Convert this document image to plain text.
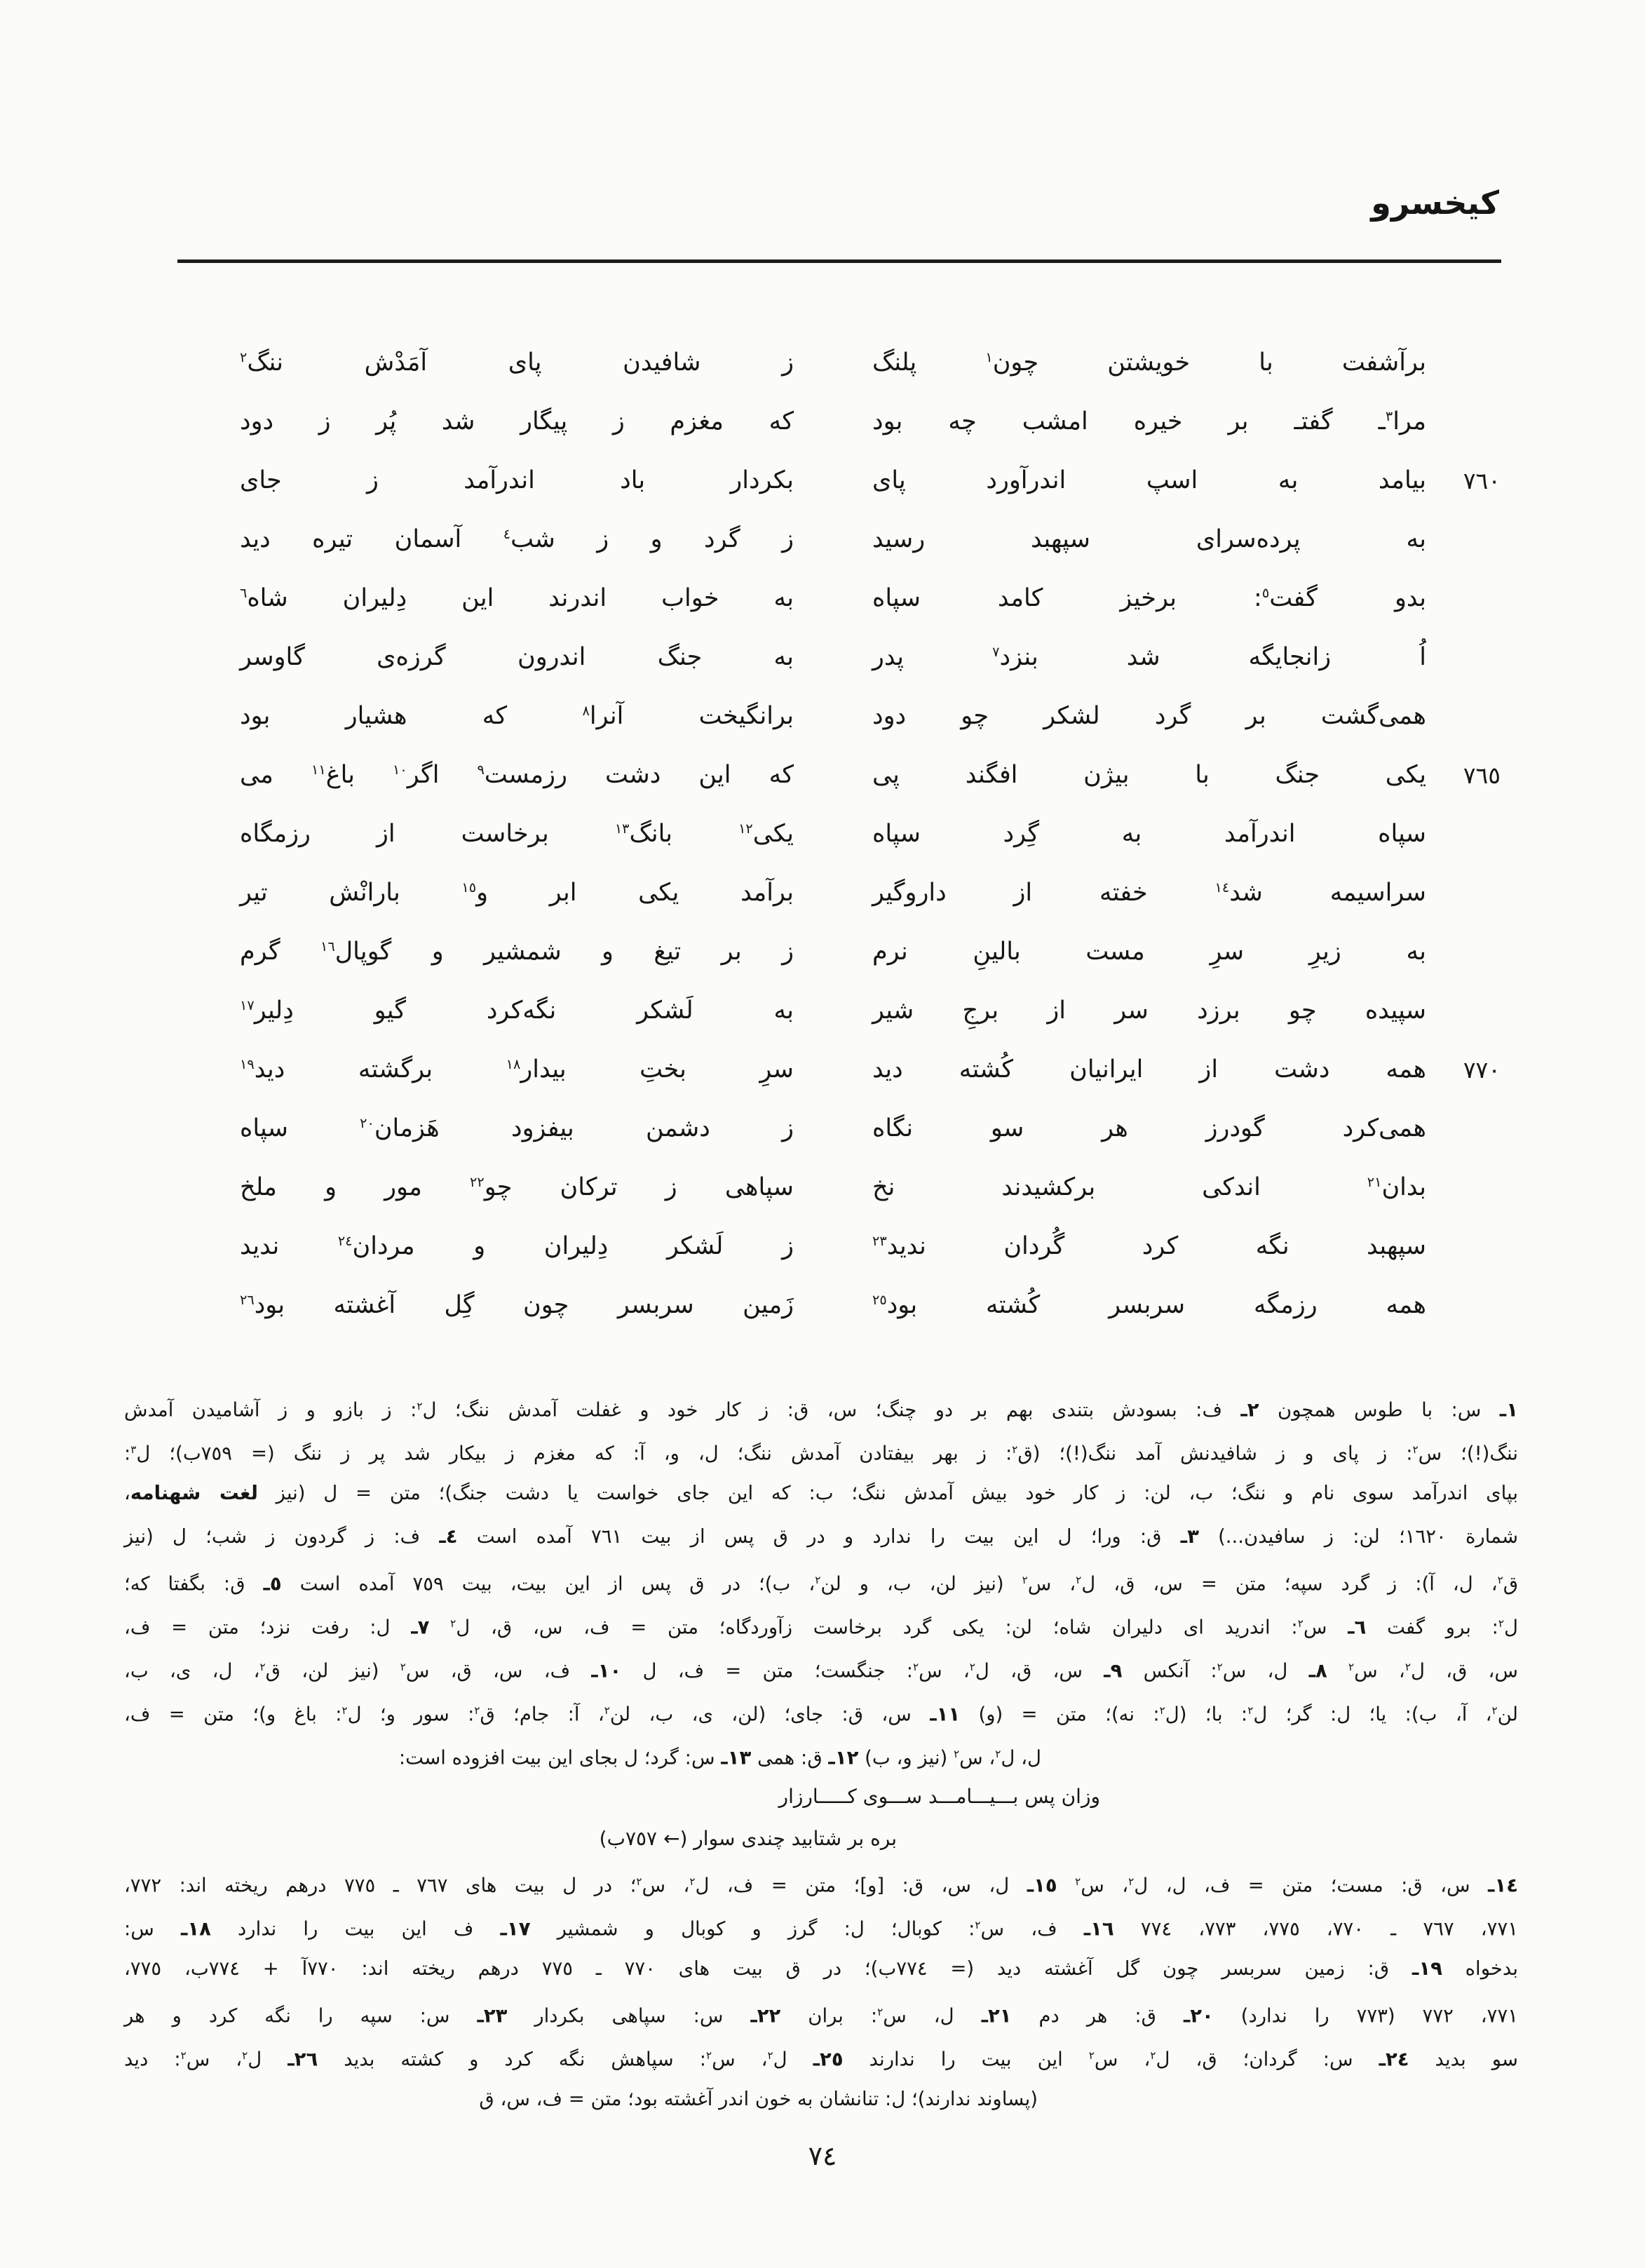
کیخسرو
برآشفت با خویشتن چون$^١$ پلنگ
ز شافیدن پای آمَدْش ننگ$^٢$
مرا$^٣$ـ گفتـ بر خیره امشب چه بود
که مغزم ز پیگار شد پُر ز دود
٧٦٠
بیامد به اسپ اندرآورد پای
بکردار باد اندرآمد ز جای
به پرده‌سرای سپهبد رسید
ز گرد و ز شب$^٤$ آسمان تیره دید
بدو گفت$^٥$: برخیز کامد سپاه
به خواب اندرند این دِلیران شاه$^٦$
اُ زانجایگه شد بنزد$^٧$ پدر
به جنگ اندرون گرزه‌ی گاوسر
همی‌گشت بر گرد لشکر چو دود
برانگیخت آنرا$^٨$ که هشیار بود
٧٦٥
یکی جنگ با بیژن افگند پی
که این دشت رزمست$^٩$ اگر$^{١٠}$ باغ$^{١١}$ می
سپاه اندرآمد به گِرد سپاه
یکی$^{١٢}$ بانگ$^{١٣}$ برخاست از رزمگاه
سراسیمه شد$^{١٤}$ خفته از داروگیر
برآمد یکی ابر و$^{١٥}$ بارانْش تیر
به زیرِ سرِ مست بالینِ نرم
ز بر تیغ و شمشیر و گوپال$^{١٦}$ گرم
سپیده چو برزد سر از برجِ شیر
به لَشکر نگه‌کرد گیو دِلیر$^{١٧}$
٧٧٠
همه دشت از ایرانیان کُشته دید
سرِ بختِ بیدار$^{١٨}$ برگشته دید$^{١٩}$
همی‌کرد گودرز هر سو نگاه
ز دشمن بیفزود هَزمان$^{٢٠}$ سپاه
بدان$^{٢١}$ اندکی برکشیدند نخ
سپاهی ز ترکان چو$^{٢٢}$ مور و ملخ
سپهبد نگه کرد گُردان ندید$^{٢٣}$
ز لَشکر دِلیران و مردان$^{٢٤}$ ندید
همه رزمگه سربسر کُشته بود$^{٢٥}$
زَمین سربسر چون گِل آغشته بود$^{٢٦}$
١ـ س: با طوس همچون ٢ـ ف: بسودش بتندی بهم بر دو چنگ؛ س، ق: ز کار خود و غفلت آمدش ننگ؛ ل$^٢$: ز بازو و ز آشامیدن آمدش
ننگ(!)؛ س$^٢$: ز پای و ز شافیدنش آمد ننگ(!)؛ (ق$^٢$: ز بهر بیفتادن آمدش ننگ؛ ل، و، آ: که مغزم ز بیکار شد پر ز ننگ (= ٧٥٩ب)؛ ل$^٣$:
بپای اندرآمد سوی نام و ننگ؛ ب، لن: ز کار خود بیش آمدش ننگ؛ ب: که این جای خواست یا دشت جنگ)؛ متن = ل (نیز لغت شهنامه،
شمارة ١٦٢٠؛ لن: ز سافیدن...) ٣ـ ق: ورا؛ ل این بیت را ندارد و در ق پس از بیت ٧٦١ آمده است ٤ـ ف: ز گردون ز شب؛ ل (نیز
ق$^٢$، ل، آ): ز گرد سپه؛ متن = س، ق، ل$^٢$، س$^٢$ (نیز لن، ب، و لن$^٢$، ب)؛ در ق پس از این بیت، بیت ٧٥٩ آمده است ٥ـ ق: بگفتا که؛
ل$^٢$: برو گفت ٦ـ س$^٢$: اندرید ای دلیران شاه؛ لن: یکی گرد برخاست زآوردگاه؛ متن = ف، س، ق، ل$^٢$ ٧ـ ل: رفت نزد؛ متن = ف،
س، ق، ل$^٢$، س$^٢$ ٨ـ ل، س$^٢$: آنکس ٩ـ س، ق، ل$^٢$، س$^٢$: جنگست؛ متن = ف، ل ١٠ـ ف، س، ق، س$^٢$ (نیز لن، ق$^٢$، ل، ی، ب،
لن$^٢$، آ، ب): یا؛ ل: گر؛ ل$^٢$: با؛ (ل$^٢$: نه)؛ متن = (و) ١١ـ س، ق: جای؛ (لن، ی، ب، لن$^٢$، آ: جام؛ ق$^٢$: سور و؛ ل$^٢$: باغ و)؛ متن = ف،
ل، ل$^٢$، س$^٢$ (نیز و، ب) ١٢ـ ق: همی ١٣ـ س: گرد؛ ل بجای این بیت افزوده است:
وزان پس بـــیـــامـــد ســـوی کـــــارزار
بره بر شتابید چندی سوار (← ٧٥٧ب)
١٤ـ س، ق: مست؛ متن = ف، ل، ل$^٢$، س$^٢$ ١٥ـ ل، س، ق: [و]؛ متن = ف، ل$^٢$، س$^٢$؛ در ل بیت های ٧٦٧ ـ ٧٧٥ درهم ریخته اند: ٧٧٢،
٧٧١، ٧٦٧ ـ ٧٧٠، ٧٧٥، ٧٧٣، ٧٧٤ ١٦ـ ف، س$^٢$: کوبال؛ ل: گرز و کوبال و شمشیر ١٧ـ ف این بیت را ندارد ١٨ـ س:
بدخواه ١٩ـ ق: زمین سربسر چون گل آغشته دید (= ٧٧٤ب)؛ در ق بیت های ٧٧٠ ـ ٧٧٥ درهم ریخته اند: ٧٧٠آ + ٧٧٤ب، ٧٧٥،
٧٧١، ٧٧٢ (٧٧٣ را ندارد) ٢٠ـ ق: هر دم ٢١ـ ل، س$^٢$: بران ٢٢ـ س: سپاهی بکردار ٢٣ـ س: سپه را نگه کرد و هر
سو بدید ٢٤ـ س: گردان؛ ق، ل$^٢$، س$^٢$ این بیت را ندارند ٢٥ـ ل$^٢$، س$^٢$: سپاهش نگه کرد و کشته بدید ٢٦ـ ل$^٢$، س$^٢$: دید
(پساوند ندارند)؛ ل: تنانشان به خون اندر آغشته بود؛ متن = ف، س، ق
٧٤
